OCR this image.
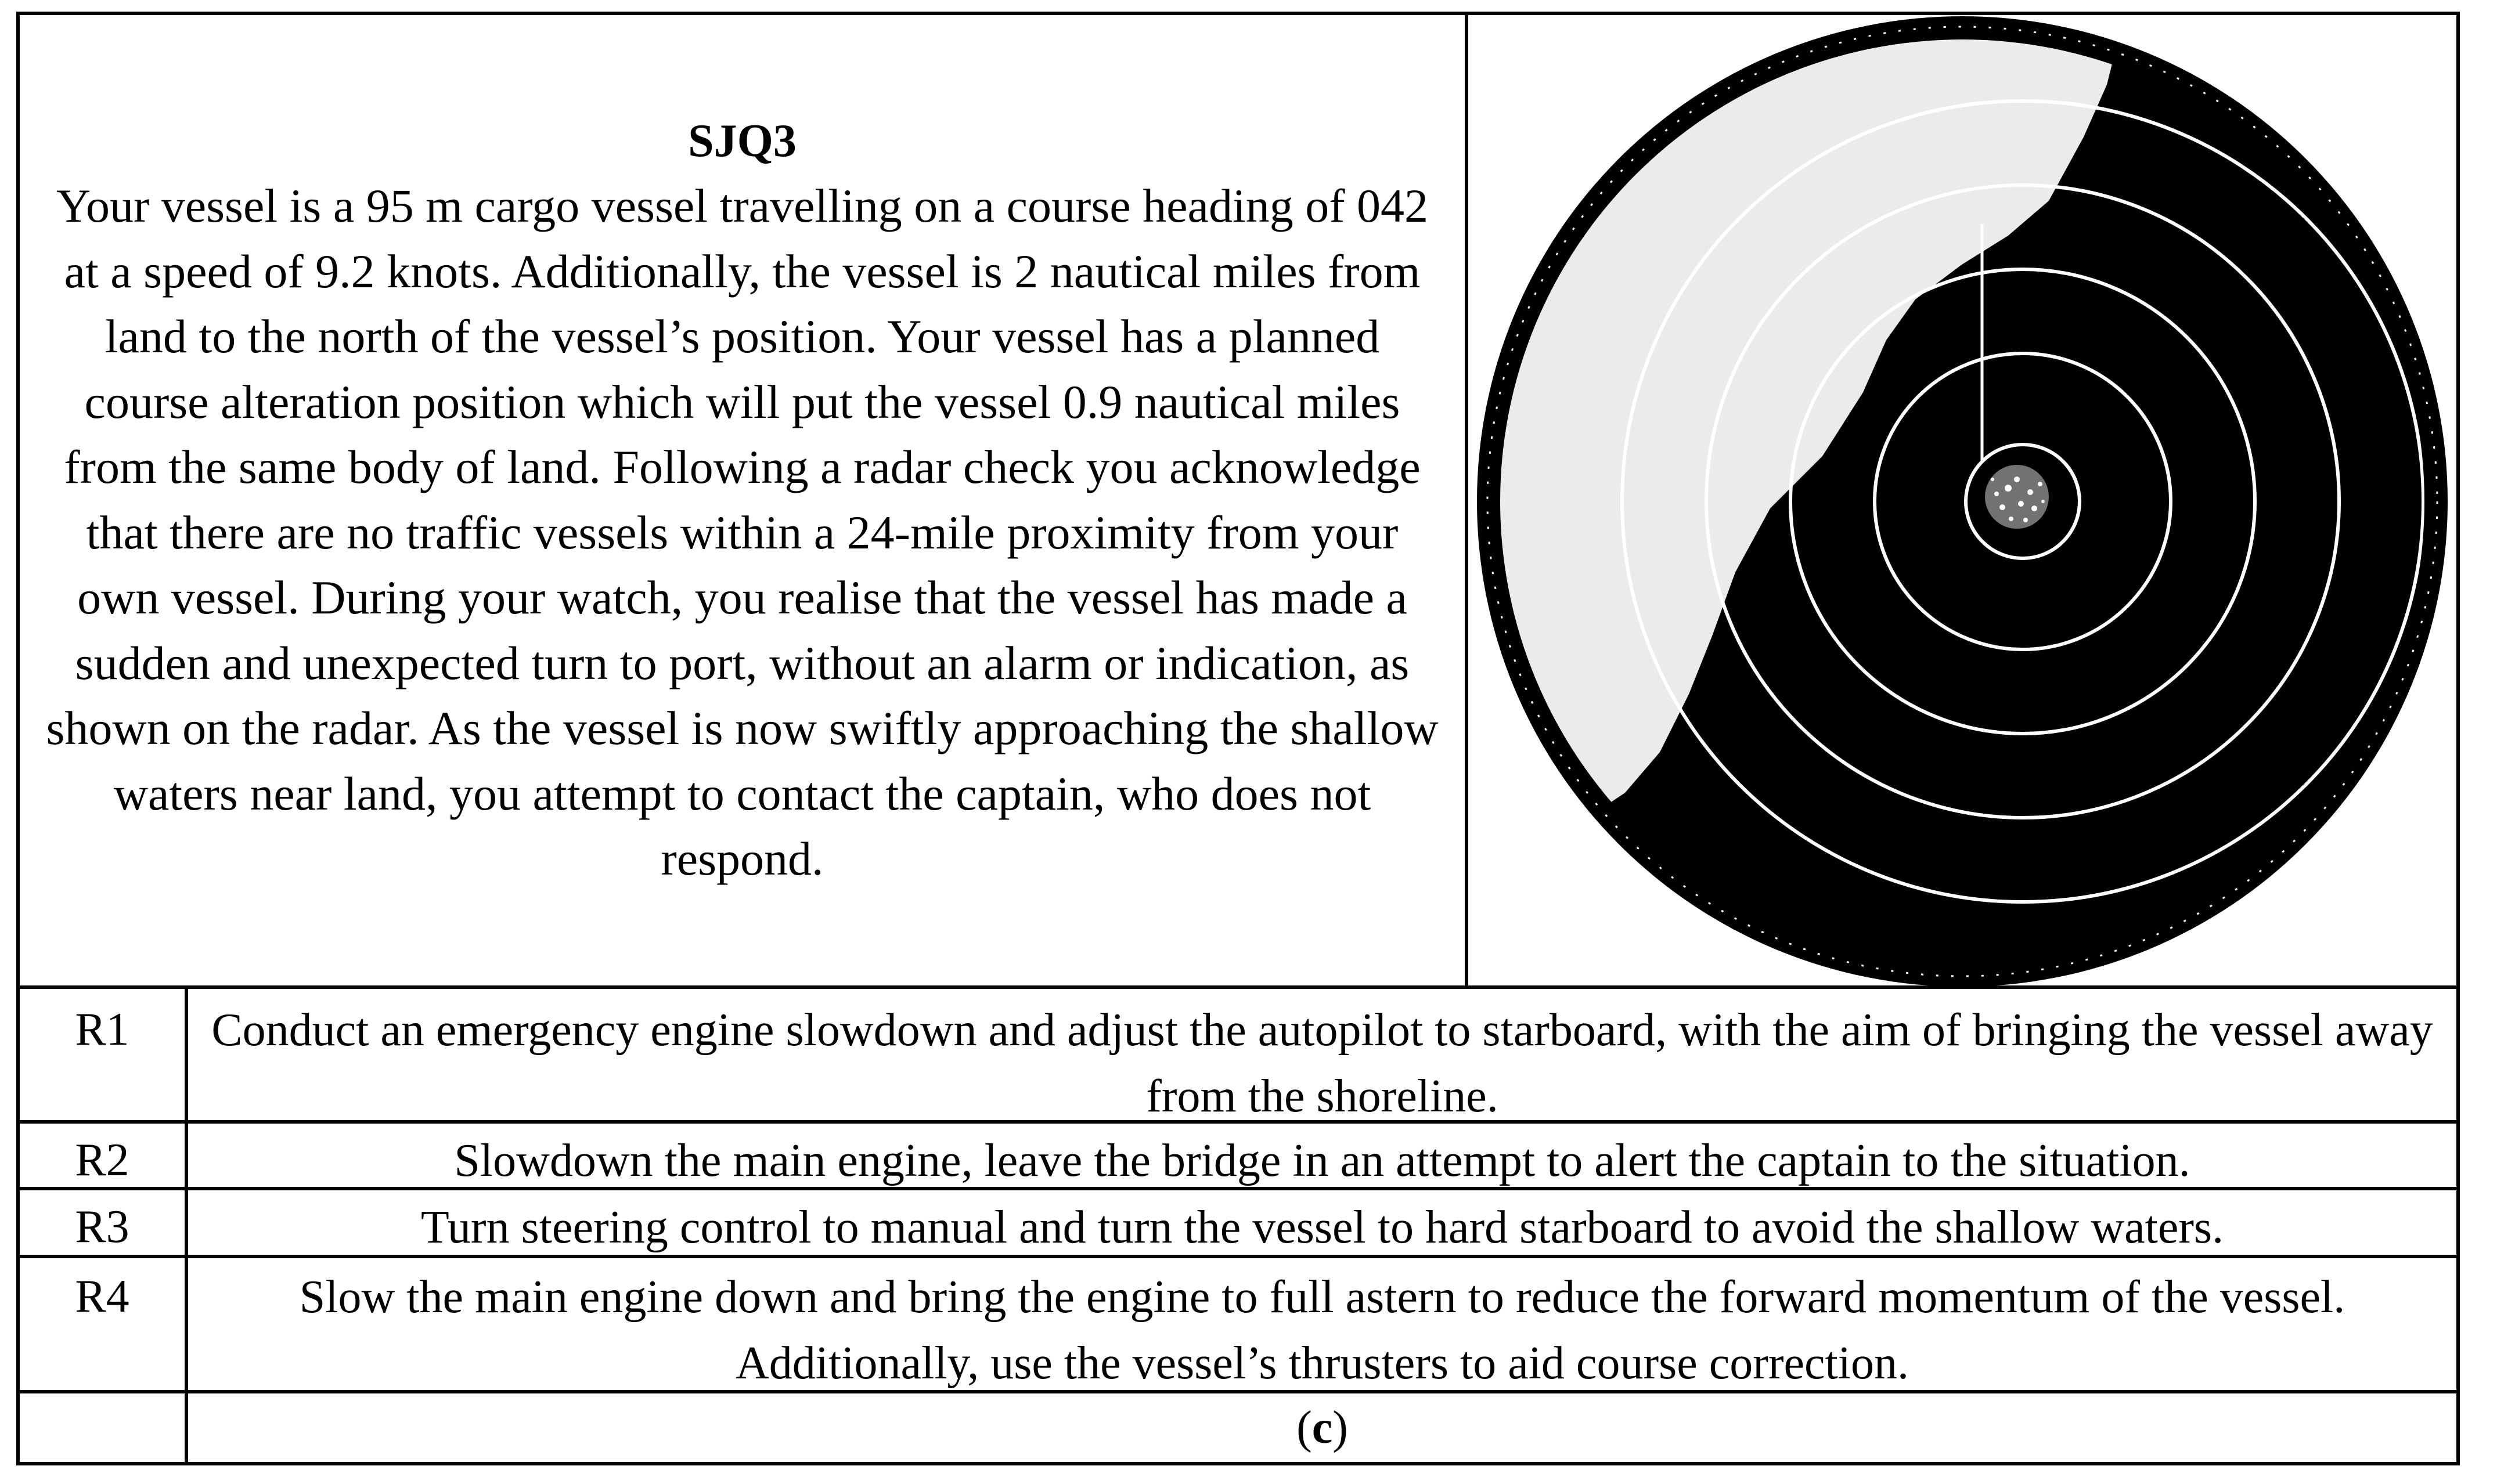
SJQ3

Your vessel is a 95 m cargo vessel travelling on a course heading of 042 at a speed of 9.2 knots. Additionally, the vessel is 2 nautical miles from land to the north of the vessel’s position. Your vessel has a planned course alteration position which will put the vessel 0.9 nautical miles from the same body of land. Following a radar check you acknowledge that there are no traffic vessels within a 24-mile proximity from your own vessel. During your watch, you realise that the vessel has made a sudden and unexpected turn to port, without an alarm or indication, as shown on the radar. As the vessel is now swiftly approaching the shallow waters near land, you attempt to contact the captain, who does not respond.

R1	Conduct an emergency engine slowdown and adjust the autopilot to starboard, with the aim of bringing the vessel away from the shoreline.
R2	Slowdown the main engine, leave the bridge in an attempt to alert the captain to the situation.
R3	Turn steering control to manual and turn the vessel to hard starboard to avoid the shallow waters.
R4	Slow the main engine down and bring the engine to full astern to reduce the forward momentum of the vessel. Additionally, use the vessel’s thrusters to aid course correction.
(c)
